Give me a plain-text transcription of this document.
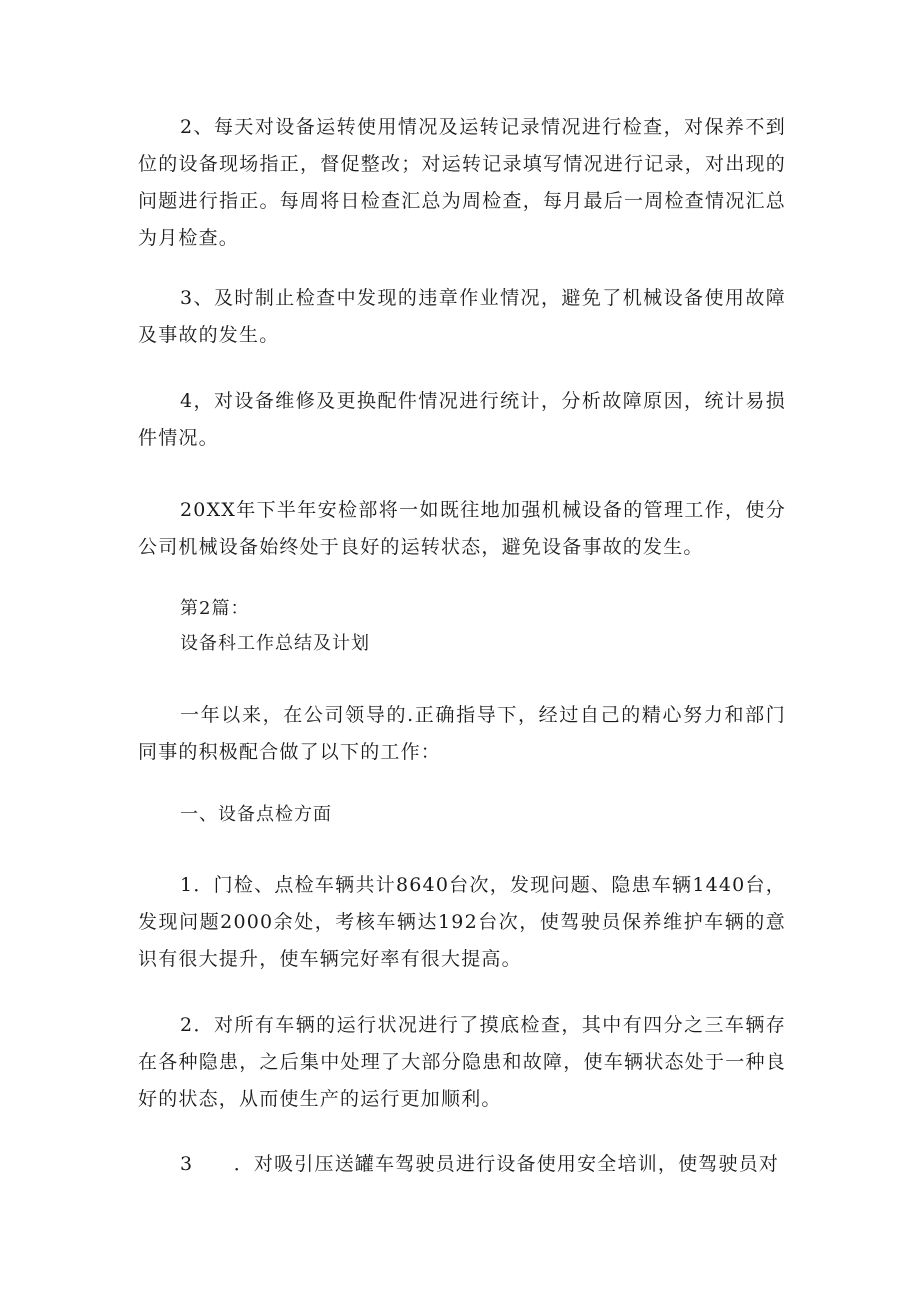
2、每天对设备运转使用情况及运转记录情况进行检查，对保养不到位的设备现场指正，督促整改；对运转记录填写情况进行记录，对出现的问题进行指正。每周将日检查汇总为周检查，每月最后一周检查情况汇总为月检查。

3、及时制止检查中发现的违章作业情况，避免了机械设备使用故障及事故的发生。

4，对设备维修及更换配件情况进行统计，分析故障原因，统计易损件情况。

20XX年下半年安检部将一如既往地加强机械设备的管理工作，使分公司机械设备始终处于良好的运转状态，避免设备事故的发生。

第2篇：

设备科工作总结及计划

一年以来，在公司领导的.正确指导下，经过自己的精心努力和部门同事的积极配合做了以下的工作：

一、设备点检方面

1．门检、点检车辆共计8640台次，发现问题、隐患车辆1440台，发现问题2000余处，考核车辆达192台次，使驾驶员保养维护车辆的意识有很大提升，使车辆完好率有很大提高。

2．对所有车辆的运行状况进行了摸底检查，其中有四分之三车辆存在各种隐患，之后集中处理了大部分隐患和故障，使车辆状态处于一种良好的状态，从而使生产的运行更加顺利。

3　　．对吸引压送罐车驾驶员进行设备使用安全培训，使驾驶员对
